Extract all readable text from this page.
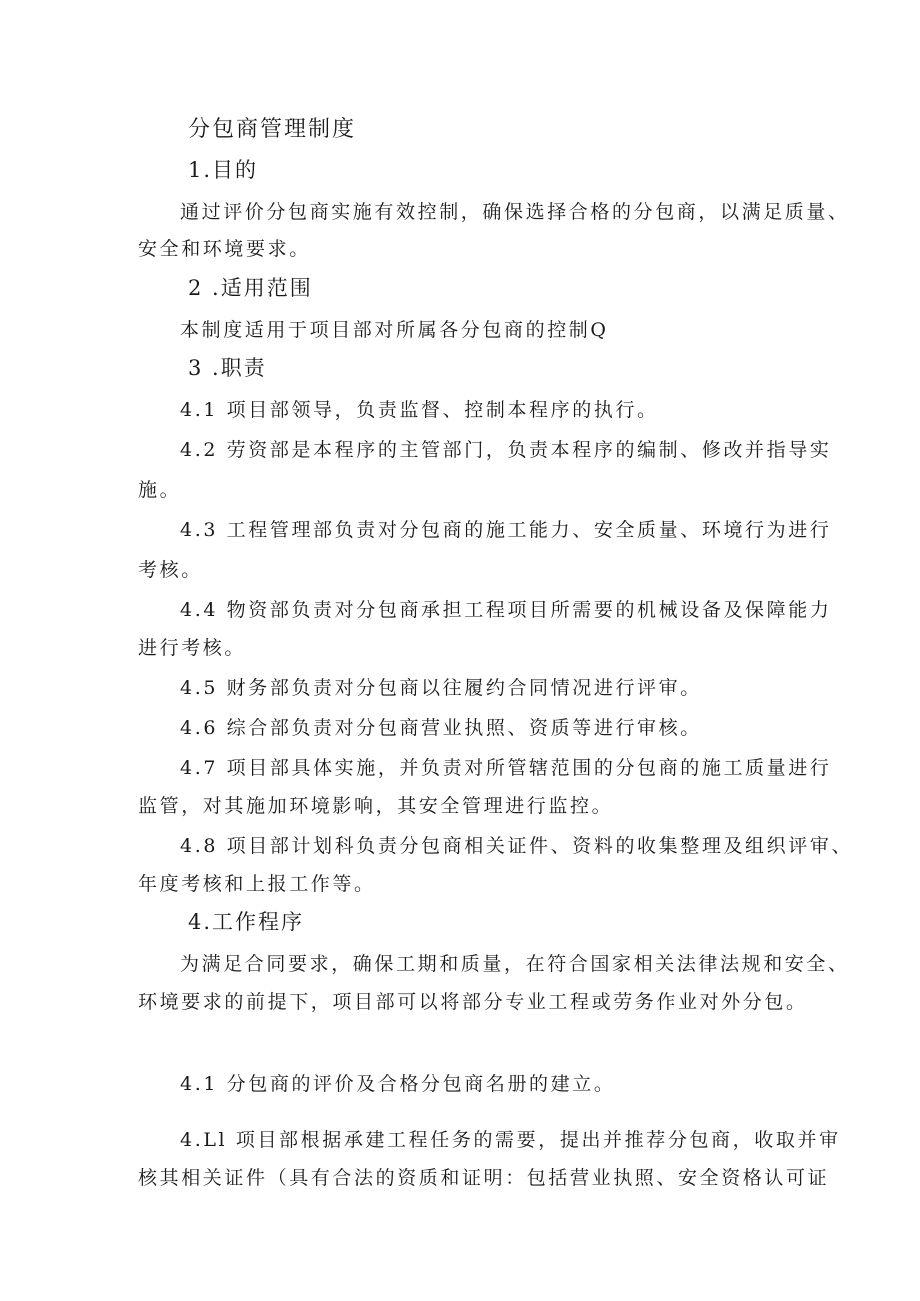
分包商管理制度
1.目的
通过评价分包商实施有效控制，确保选择合格的分包商，以满足质量、
安全和环境要求。
2 .适用范围
本制度适用于项目部对所属各分包商的控制Q
3 .职责
4.1 项目部领导，负责监督、控制本程序的执行。
4.2 劳资部是本程序的主管部门，负责本程序的编制、修改并指导实
施。
4.3 工程管理部负责对分包商的施工能力、安全质量、环境行为进行
考核。
4.4 物资部负责对分包商承担工程项目所需要的机械设备及保障能力
进行考核。
4.5 财务部负责对分包商以往履约合同情况进行评审。
4.6 综合部负责对分包商营业执照、资质等进行审核。
4.7 项目部具体实施，并负责对所管辖范围的分包商的施工质量进行
监管，对其施加环境影响，其安全管理进行监控。
4.8 项目部计划科负责分包商相关证件、资料的收集整理及组织评审、
年度考核和上报工作等。
4.工作程序
为满足合同要求，确保工期和质量，在符合国家相关法律法规和安全、
环境要求的前提下，项目部可以将部分专业工程或劳务作业对外分包。
4.1 分包商的评价及合格分包商名册的建立。
4.Ll 项目部根据承建工程任务的需要，提出并推荐分包商，收取并审
核其相关证件（具有合法的资质和证明：包括营业执照、安全资格认可证
